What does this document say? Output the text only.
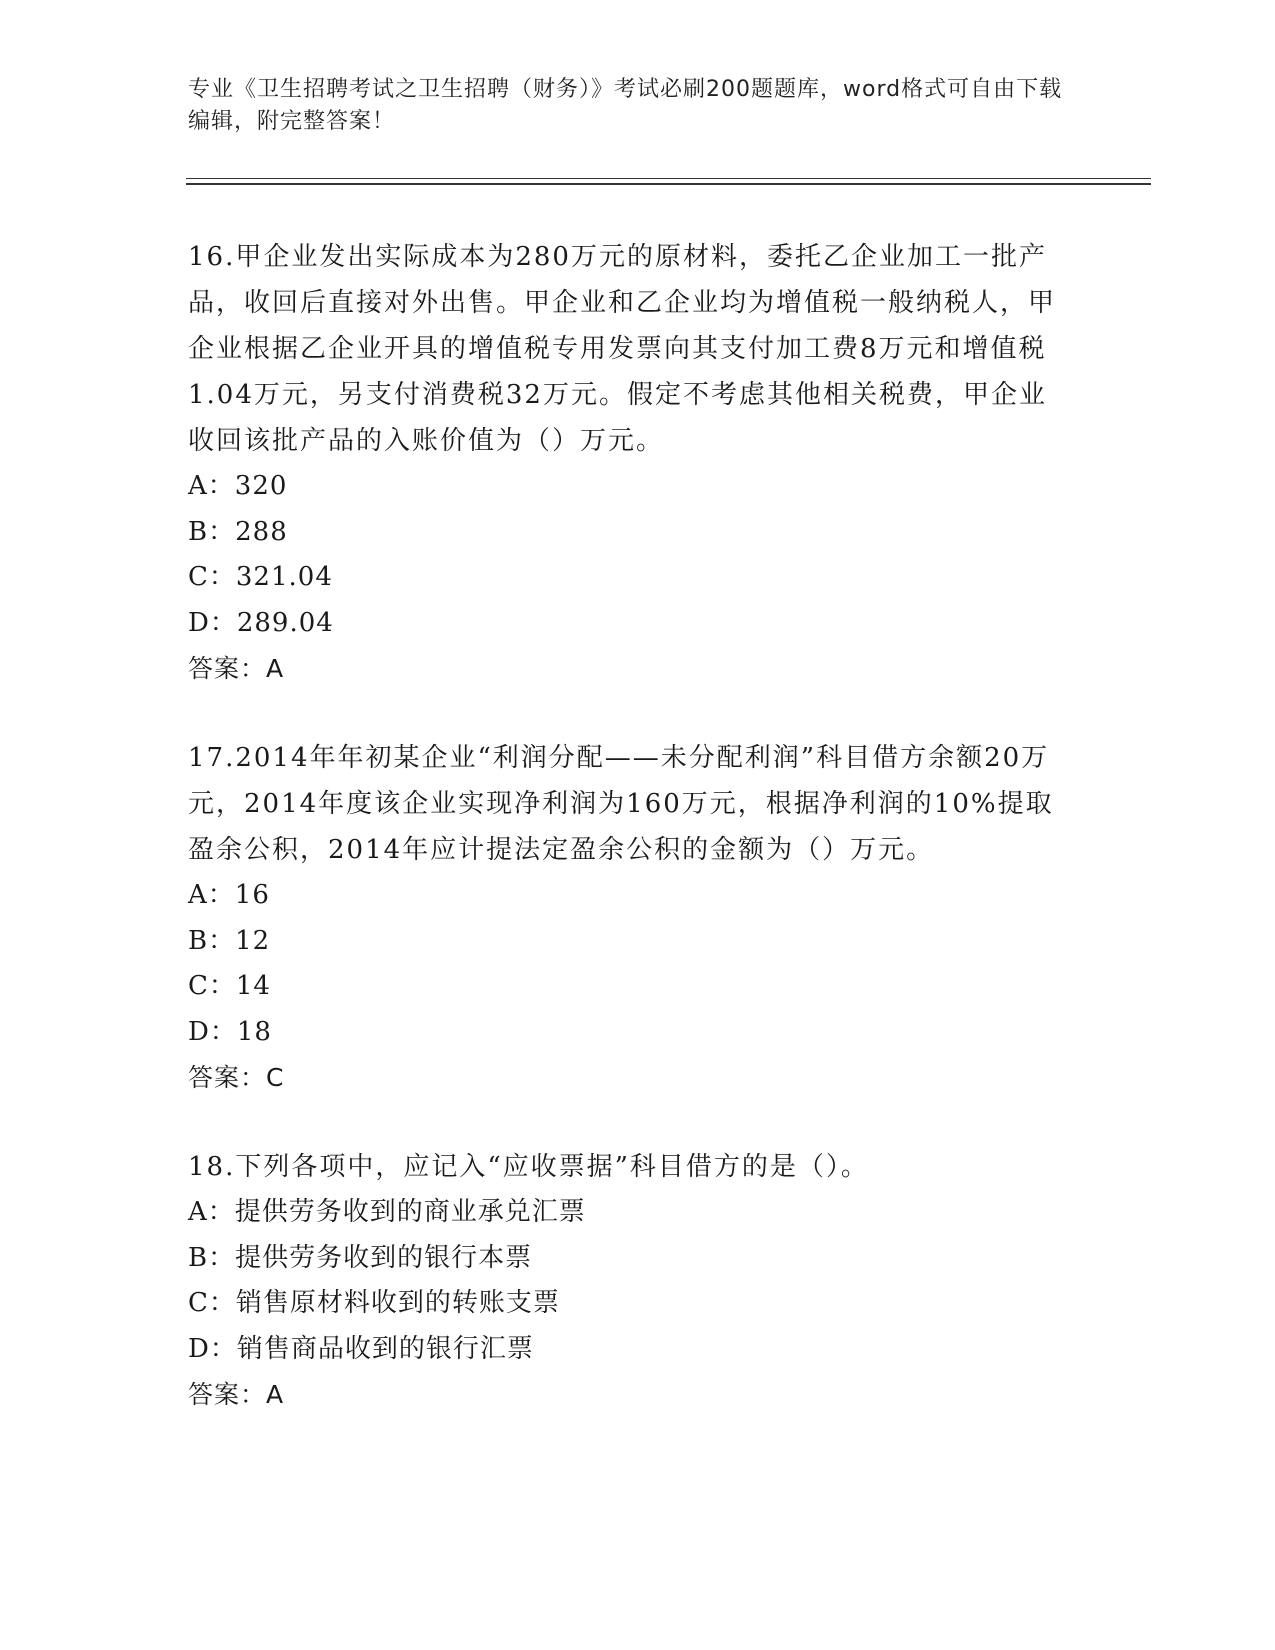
专业《卫生招聘考试之卫生招聘（财务）》考试必刷200题题库，word格式可自由下载编辑，附完整答案！

16.甲企业发出实际成本为280万元的原材料，委托乙企业加工一批产品，收回后直接对外出售。甲企业和乙企业均为增值税一般纳税人，甲企业根据乙企业开具的增值税专用发票向其支付加工费8万元和增值税1.04万元，另支付消费税32万元。假定不考虑其他相关税费，甲企业收回该批产品的入账价值为（）万元。

A：320

B：288

C：321.04

D：289.04

答案：A

17.2014年年初某企业“利润分配——未分配利润”科目借方余额20万元，2014年度该企业实现净利润为160万元，根据净利润的10%提取盈余公积，2014年应计提法定盈余公积的金额为（）万元。

A：16

B：12

C：14

D：18

答案：C

18.下列各项中，应记入“应收票据”科目借方的是（）。

A：提供劳务收到的商业承兑汇票

B：提供劳务收到的银行本票

C：销售原材料收到的转账支票

D：销售商品收到的银行汇票

答案：A
